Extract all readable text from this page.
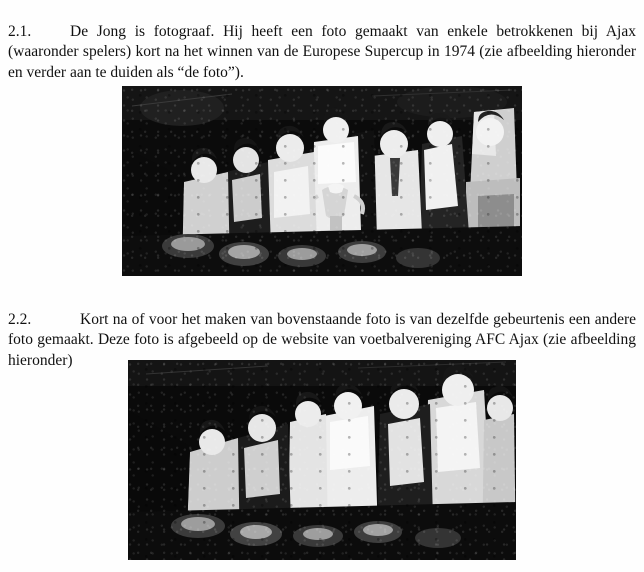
2.1.	De Jong is fotograaf. Hij heeft een foto gemaakt van enkele betrokkenen bij Ajax (waaronder spelers) kort na het winnen van de Europese Supercup in 1974 (zie afbeelding hieronder en verder aan te duiden als “de foto”).

2.2.	Kort na of voor het maken van bovenstaande foto is van dezelfde gebeurtenis een andere foto gemaakt. Deze foto is afgebeeld op de website van voetbalvereniging AFC Ajax (zie afbeelding hieronder)
